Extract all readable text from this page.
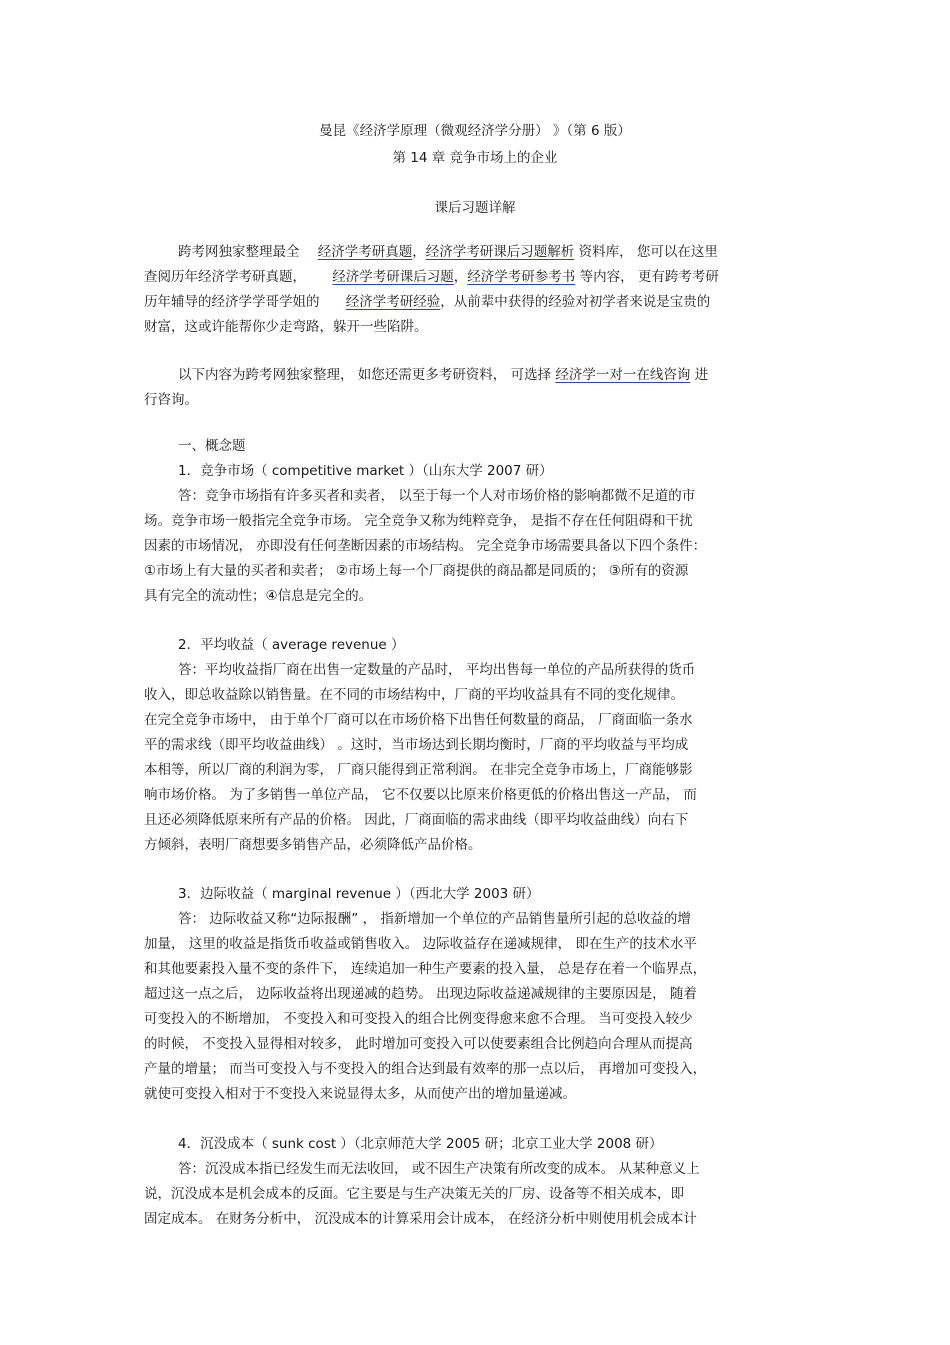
曼昆《经济学原理（微观经济学分册） 》（第 6 版）
第 14 章 竞争市场上的企业
课后习题详解
跨考网独家整理最全 经济学考研真题，经济学考研课后习题解析 资料库， 您可以在这里
查阅历年经济学考研真题， 经济学考研课后习题，经济学考研参考书 等内容， 更有跨考考研
历年辅导的经济学学哥学姐的 经济学考研经验，从前辈中获得的经验对初学者来说是宝贵的
财富，这或许能帮你少走弯路，躲开一些陷阱。
以下内容为跨考网独家整理， 如您还需更多考研资料， 可选择 经济学一对一在线咨询 进
行咨询。
一、概念题
1．竞争市场（ competitive market ）（山东大学 2007 研）
答：竞争市场指有许多买者和卖者， 以至于每一个人对市场价格的影响都微不足道的市
场。竞争市场一般指完全竞争市场。 完全竞争又称为纯粹竞争， 是指不存在任何阻碍和干扰
因素的市场情况， 亦即没有任何垄断因素的市场结构。 完全竞争市场需要具备以下四个条件：
①市场上有大量的买者和卖者； ②市场上每一个厂商提供的商品都是同质的； ③所有的资源
具有完全的流动性；④信息是完全的。
2．平均收益（ average revenue ）
答：平均收益指厂商在出售一定数量的产品时， 平均出售每一单位的产品所获得的货币
收入，即总收益除以销售量。在不同的市场结构中，厂商的平均收益具有不同的变化规律。
在完全竞争市场中， 由于单个厂商可以在市场价格下出售任何数量的商品， 厂商面临一条水
平的需求线（即平均收益曲线） 。这时，当市场达到长期均衡时，厂商的平均收益与平均成
本相等，所以厂商的利润为零， 厂商只能得到正常利润。 在非完全竞争市场上，厂商能够影
响市场价格。 为了多销售一单位产品， 它不仅要以比原来价格更低的价格出售这一产品， 而
且还必须降低原来所有产品的价格。 因此，厂商面临的需求曲线（即平均收益曲线）向右下
方倾斜，表明厂商想要多销售产品，必须降低产品价格。
3．边际收益（ marginal revenue ）（西北大学 2003 研）
答： 边际收益又称“边际报酬” ， 指新增加一个单位的产品销售量所引起的总收益的增
加量， 这里的收益是指货币收益或销售收入。 边际收益存在递减规律， 即在生产的技术水平
和其他要素投入量不变的条件下， 连续追加一种生产要素的投入量， 总是存在着一个临界点，
超过这一点之后， 边际收益将出现递减的趋势。 出现边际收益递减规律的主要原因是， 随着
可变投入的不断增加， 不变投入和可变投入的组合比例变得愈来愈不合理。 当可变投入较少
的时候， 不变投入显得相对较多， 此时增加可变投入可以使要素组合比例趋向合理从而提高
产量的增量； 而当可变投入与不变投入的组合达到最有效率的那一点以后， 再增加可变投入，
就使可变投入相对于不变投入来说显得太多，从而使产出的增加量递减。
4．沉没成本（ sunk cost ）（北京师范大学 2005 研；北京工业大学 2008 研）
答：沉没成本指已经发生而无法收回， 或不因生产决策有所改变的成本。 从某种意义上
说，沉没成本是机会成本的反面。它主要是与生产决策无关的厂房、设备等不相关成本，即
固定成本。 在财务分析中， 沉没成本的计算采用会计成本， 在经济分析中则使用机会成本计
